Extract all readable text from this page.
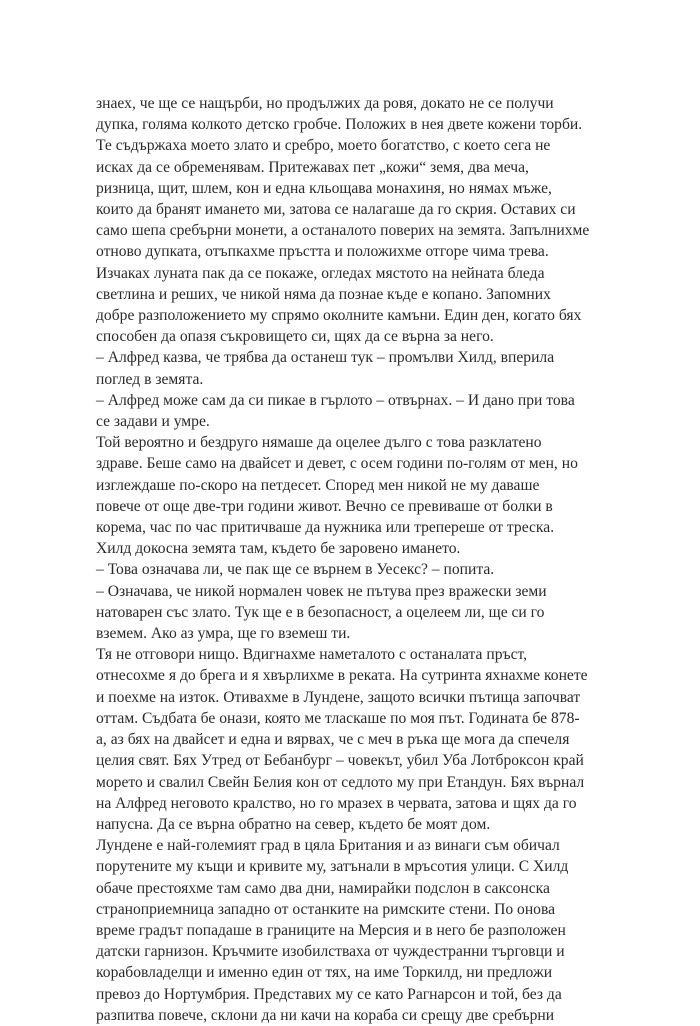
знаех, че ще се нащърби, но продължих да ровя, докато не се получи
дупка, голяма колкото детско гробче. Положих в нея двете кожени торби.
Те съдържаха моето злато и сребро, моето богатство, с което сега не
исках да се обременявам. Притежавах пет „кожи“ земя, два меча,
ризница, щит, шлем, кон и една кльощава монахиня, но нямах мъже,
които да бранят имането ми, затова се налагаше да го скрия. Оставих си
само шепа сребърни монети, а останалото поверих на земята. Запълнихме
отново дупката, отъпкахме пръстта и положихме отгоре чима трева.
Изчаках луната пак да се покаже, огледах мястото на нейната бледа
светлина и реших, че никой няма да познае къде е копано. Запомних
добре разположението му спрямо околните камъни. Един ден, когато бях
способен да опазя съкровището си, щях да се върна за него.
– Алфред казва, че трябва да останеш тук – промълви Хилд, вперила
поглед в земята.
– Алфред може сам да си пикае в гърлото – отвърнах. – И дано при това
се задави и умре.
Той вероятно и бездруго нямаше да оцелее дълго с това разклатено
здраве. Беше само на двайсет и девет, с осем години по-голям от мен, но
изглеждаше по-скоро на петдесет. Според мен никой не му даваше
повече от още две-три години живот. Вечно се превиваше от болки в
корема, час по час притичваше да нужника или трепереше от треска.
Хилд докосна земята там, където бе заровено имането.
– Това означава ли, че пак ще се върнем в Уесекс? – попита.
– Означава, че никой нормален човек не пътува през вражески земи
натоварен със злато. Тук ще е в безопасност, а оцелеем ли, ще си го
вземем. Ако аз умра, ще го вземеш ти.
Тя не отговори нищо. Вдигнахме наметалото с останалата пръст,
отнесохме я до брега и я хвърлихме в реката. На сутринта яхнахме конете
и поехме на изток. Отивахме в Лундене, защото всички пътища започват
оттам. Съдбата бе онази, която ме тласкаше по моя път. Годината бе 878-
а, аз бях на двайсет и една и вярвах, че с меч в ръка ще мога да спечеля
целия свят. Бях Утред от Бебанбург – човекът, убил Уба Лотброксон край
морето и свалил Свейн Белия кон от седлото му при Етандун. Бях върнал
на Алфред неговото кралство, но го мразех в червата, затова и щях да го
напусна. Да се върна обратно на север, където бе моят дом.
Лундене е най-големият град в цяла Британия и аз винаги съм обичал
порутените му къщи и кривите му, затънали в мръсотия улици. С Хилд
обаче престояхме там само два дни, намирайки подслон в саксонска
страноприемница западно от останките на римските стени. По онова
време градът попадаше в границите на Мерсия и в него бе разположен
датски гарнизон. Кръчмите изобилстваха от чуждестранни търговци и
корабовладелци и именно един от тях, на име Торкилд, ни предложи
превоз до Нортумбрия. Представих му се като Рагнарсон и той, без да
разпитва повече, склони да ни качи на кораба си срещу две сребърни
